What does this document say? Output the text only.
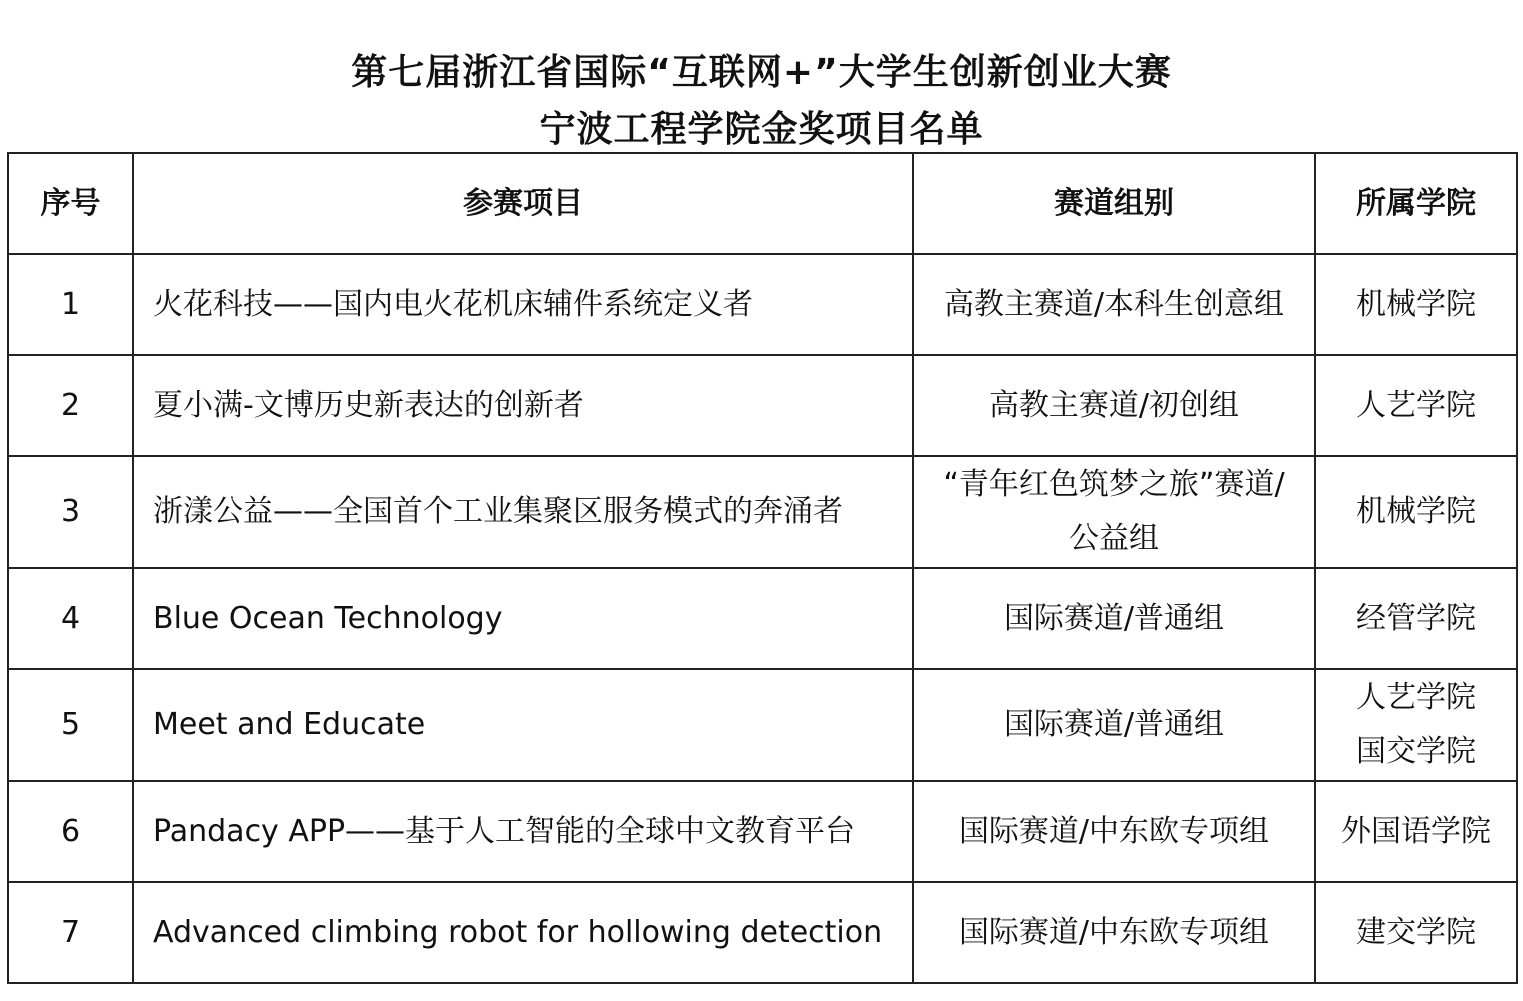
第七届浙江省国际“互联网+”大学生创新创业大赛
宁波工程学院金奖项目名单
序号	参赛项目	赛道组别	所属学院
1	火花科技——国内电火花机床辅件系统定义者	高教主赛道/本科生创意组	机械学院

2	夏小满-文博历史新表达的创新者	高教主赛道/初创组	人艺学院

3	浙漾公益——全国首个工业集聚区服务模式的奔涌者	“青年红色筑梦之旅”赛道/
公益组	机械学院

4	Blue Ocean Technology	国际赛道/普通组	经管学院

5	Meet and Educate	国际赛道/普通组	人艺学院
国交学院

6	Pandacy APP——基于人工智能的全球中文教育平台	国际赛道/中东欧专项组	外国语学院

7	Advanced climbing robot for hollowing detection	国际赛道/中东欧专项组	建交学院
